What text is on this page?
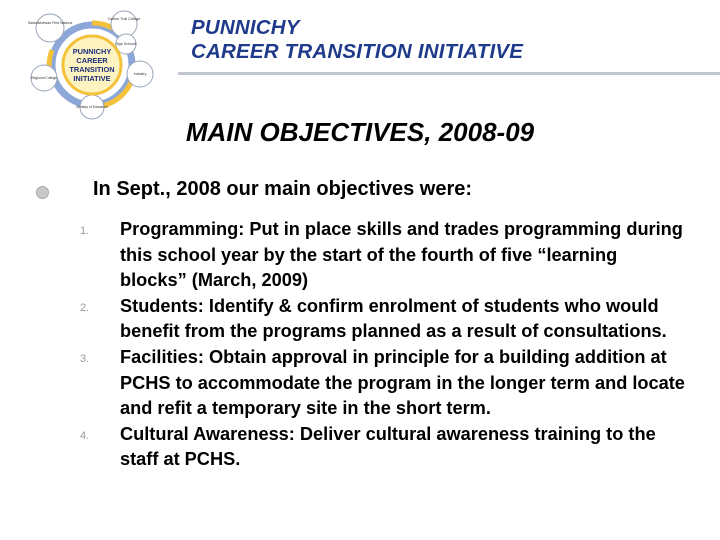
Saskatchewan First Nations
Carlton Trail College
High Schools
Industry
Regional College
Ministry of Education
PUNNICHY
CAREER
TRANSITION
INITIATIVE
PUNNICHY
CAREER TRANSITION INITIATIVE
MAIN OBJECTIVES, 2008-09
In Sept., 2008 our main objectives were:
1. Programming: Put in place skills and trades programming during this school year by the start of the fourth of five “learning blocks” (March, 2009)
2. Students: Identify & confirm enrolment of students who would benefit from the programs planned as a result of consultations.
3. Facilities: Obtain approval in principle for a building addition at PCHS to accommodate the program in the longer term and locate and refit a temporary site in the short term.
4. Cultural Awareness: Deliver cultural awareness training to the staff at PCHS.
